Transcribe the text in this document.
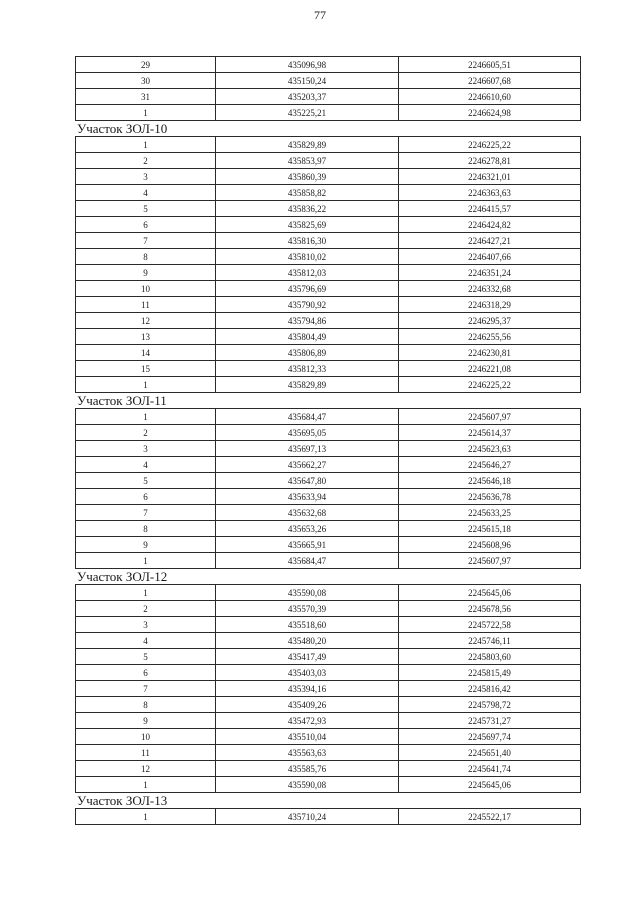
77
29	435096,98	2246605,51
30	435150,24	2246607,68
31	435203,37	2246610,60
1	435225,21	2246624,98
Участок ЗОЛ-10
1	435829,89	2246225,22
2	435853,97	2246278,81
3	435860,39	2246321,01
4	435858,82	2246363,63
5	435836,22	2246415,57
6	435825,69	2246424,82
7	435816,30	2246427,21
8	435810,02	2246407,66
9	435812,03	2246351,24
10	435796,69	2246332,68
11	435790,92	2246318,29
12	435794,86	2246295,37
13	435804,49	2246255,56
14	435806,89	2246230,81
15	435812,33	2246221,08
1	435829,89	2246225,22
Участок ЗОЛ-11
1	435684,47	2245607,97
2	435695,05	2245614,37
3	435697,13	2245623,63
4	435662,27	2245646,27
5	435647,80	2245646,18
6	435633,94	2245636,78
7	435632,68	2245633,25
8	435653,26	2245615,18
9	435665,91	2245608,96
1	435684,47	2245607,97
Участок ЗОЛ-12
1	435590,08	2245645,06
2	435570,39	2245678,56
3	435518,60	2245722,58
4	435480,20	2245746,11
5	435417,49	2245803,60
6	435403,03	2245815,49
7	435394,16	2245816,42
8	435409,26	2245798,72
9	435472,93	2245731,27
10	435510,04	2245697,74
11	435563,63	2245651,40
12	435585,76	2245641,74
1	435590,08	2245645,06
Участок ЗОЛ-13
1	435710,24	2245522,17
